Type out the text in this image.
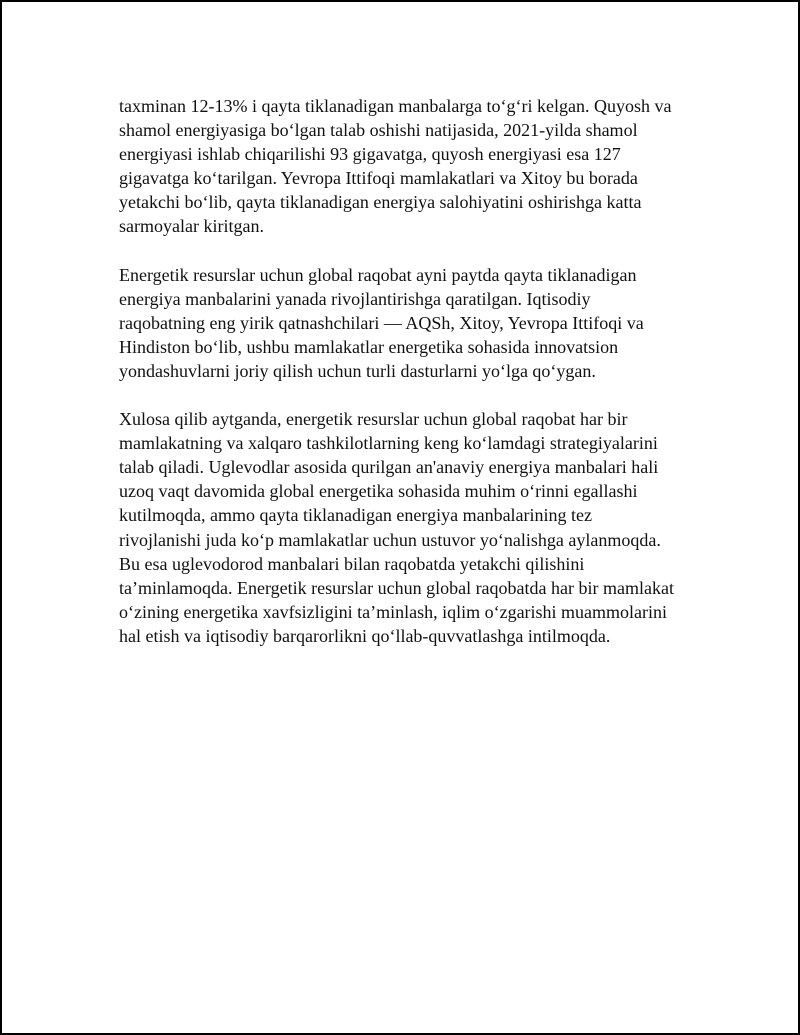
taxminan 12-13% i qayta tiklanadigan manbalarga to‘g‘ri kelgan. Quyosh va
shamol energiyasiga bo‘lgan talab oshishi natijasida, 2021-yilda shamol
energiyasi ishlab chiqarilishi 93 gigavatga, quyosh energiyasi esa 127
gigavatga ko‘tarilgan. Yevropa Ittifoqi mamlakatlari va Xitoy bu borada
yetakchi bo‘lib, qayta tiklanadigan energiya salohiyatini oshirishga katta
sarmoyalar kiritgan.

Energetik resurslar uchun global raqobat ayni paytda qayta tiklanadigan
energiya manbalarini yanada rivojlantirishga qaratilgan. Iqtisodiy
raqobatning eng yirik qatnashchilari — AQSh, Xitoy, Yevropa Ittifoqi va
Hindiston bo‘lib, ushbu mamlakatlar energetika sohasida innovatsion
yondashuvlarni joriy qilish uchun turli dasturlarni yo‘lga qo‘ygan.

Xulosa qilib aytganda, energetik resurslar uchun global raqobat har bir
mamlakatning va xalqaro tashkilotlarning keng ko‘lamdagi strategiyalarini
talab qiladi. Uglevodlar asosida qurilgan an'anaviy energiya manbalari hali
uzoq vaqt davomida global energetika sohasida muhim o‘rinni egallashi
kutilmoqda, ammo qayta tiklanadigan energiya manbalarining tez
rivojlanishi juda ko‘p mamlakatlar uchun ustuvor yo‘nalishga aylanmoqda.
Bu esa uglevodorod manbalari bilan raqobatda yetakchi qilishini
ta’minlamoqda. Energetik resurslar uchun global raqobatda har bir mamlakat
o‘zining energetika xavfsizligini ta’minlash, iqlim o‘zgarishi muammolarini
hal etish va iqtisodiy barqarorlikni qo‘llab-quvvatlashga intilmoqda.
